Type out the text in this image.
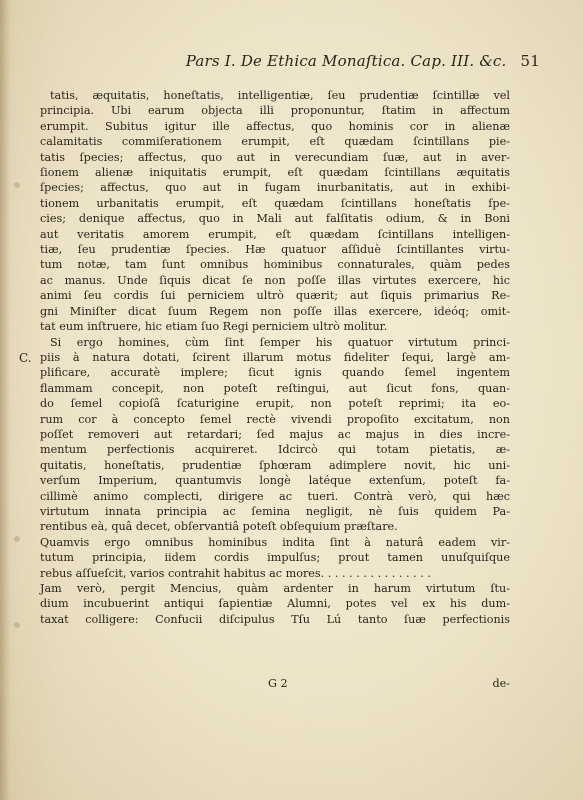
Pars I. De Ethica Monaſtica. Cap. III. &c. 51
C.
tatis, æquitatis, honeſtatis, intelligentiæ, ſeu prudentiæ ſcintillæ vel
principia. Ubi earum objecta illi proponuntur, ſtatim in affectum
erumpit. Subitus igitur ille affectus, quo hominis cor in alienæ
calamitatis commiſerationem erumpit, eſt quædam ſcintillans pie-
tatis ſpecies; affectus, quo aut in verecundiam ſuæ, aut in aver-
ſionem alienæ iniquitatis erumpit, eſt quædam ſcintillans æquitatis
ſpecies; affectus, quo aut in fugam inurbanitatis, aut in exhibi-
tionem urbanitatis erumpit, eſt quædam ſcintillans honeſtatis ſpe-
cies; denique affectus, quo in Mali aut falſitatis odium, & in Boni
aut veritatis amorem erumpit, eſt quædam ſcintillans intelligen-
tiæ, ſeu prudentiæ ſpecies. Hæ quatuor aſſiduè ſcintillantes virtu-
tum notæ, tam ſunt omnibus hominibus connaturales, quàm pedes
ac manus. Unde ſiquis dicat ſe non poſſe illas virtutes exercere, hic
animi ſeu cordis ſui perniciem ultrò quærit; aut ſiquis primarius Re-
gni Miniſter dicat ſuum Regem non poſſe illas exercere, ideóq; omit-
tat eum inſtruere, hic etiam ſuo Regi perniciem ultrò molitur.
Si ergo homines, cùm ſint ſemper his quatuor virtutum princi-
piis à natura dotati, ſcirent illarum motus fideliter ſequi, largè am-
plificare, accuratè implere; ſicut ignis quando ſemel ingentem
flammam concepit, non poteſt reſtingui, aut ſicut fons, quan-
do ſemel copioſâ ſcaturigine erupit, non poteſt reprimi; ita eo-
rum cor à concepto ſemel rectè vivendi propoſito excitatum, non
poſſet removeri aut retardari; ſed majus ac majus in dies incre-
mentum perfectionis acquireret. Idcircò qui totam pietatis, æ-
quitatis, honeſtatis, prudentiæ ſphœram adimplere novit, hic uni-
verſum Imperium, quantumvis longè latéque extenſum, poteſt fa-
cillimè animo complecti, dirigere ac tueri. Contrà verò, qui hæc
virtutum innata principia ac ſemina negligit, nè ſuis quidem Pa-
rentibus eà, quâ decet, obſervantiâ poteſt obſequium præſtare.
Quamvis ergo omnibus hominibus indita ſint à naturâ eadem vir-
tutum principia, iidem cordis impulſus; prout tamen unuſquiſque
rebus aſſueſcit, varios contrahit habitus ac mores. . . . . . . . . . . . . . . .
Jam verò, pergit Mencius, quàm ardenter in harum virtutum ſtu-
dium incubuerint antiqui ſapientiæ Alumni, potes vel ex his dum-
taxat colligere: Confucii diſcipulus Tſu Lú tanto ſuæ perfectionis
G 2	de-
